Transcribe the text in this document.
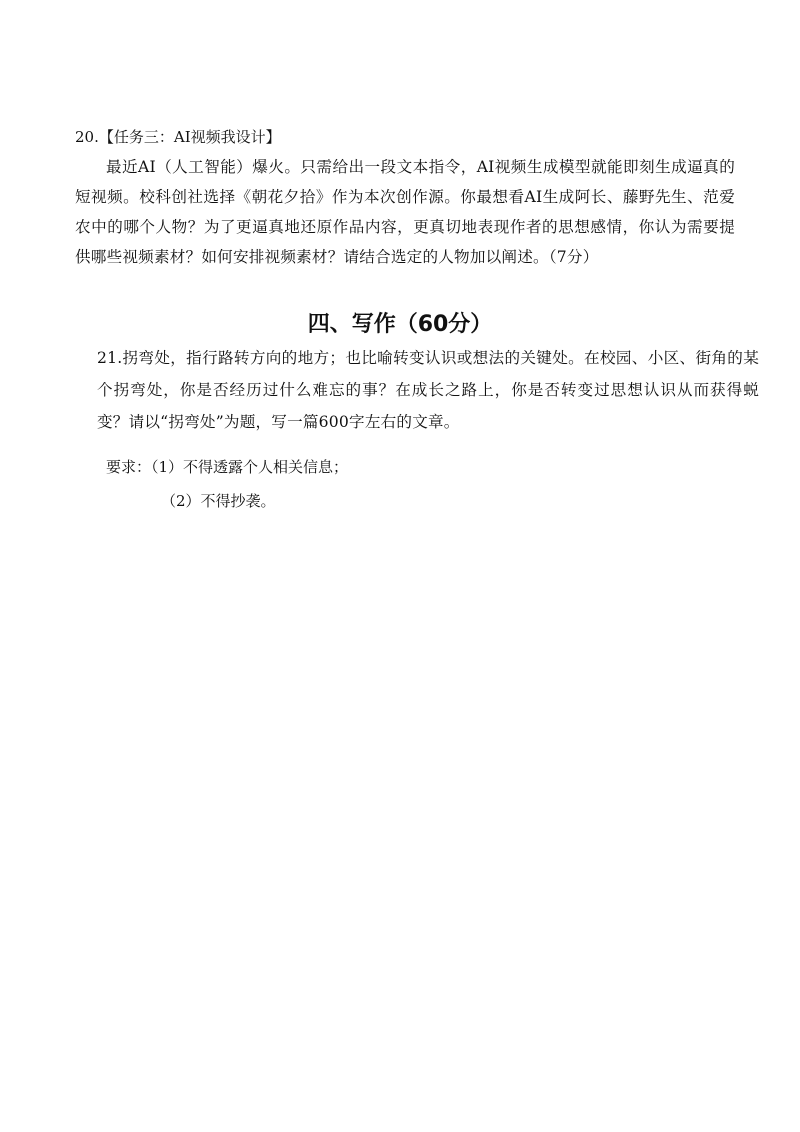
20.【任务三：AI视频我设计】

最近AI（人工智能）爆火。只需给出一段文本指令，AI视频生成模型就能即刻生成逼真的短视频。校科创社选择《朝花夕拾》作为本次创作源。你最想看AI生成阿长、藤野先生、范爱农中的哪个人物？为了更逼真地还原作品内容，更真切地表现作者的思想感情，你认为需要提供哪些视频素材？如何安排视频素材？请结合选定的人物加以阐述。（7分）

四、写作（60分）

21.拐弯处，指行路转方向的地方；也比喻转变认识或想法的关键处。在校园、小区、街角的某个拐弯处，你是否经历过什么难忘的事？在成长之路上，你是否转变过思想认识从而获得蜕变？请以“拐弯处”为题，写一篇600字左右的文章。

要求：（1）不得透露个人相关信息；

（2）不得抄袭。
